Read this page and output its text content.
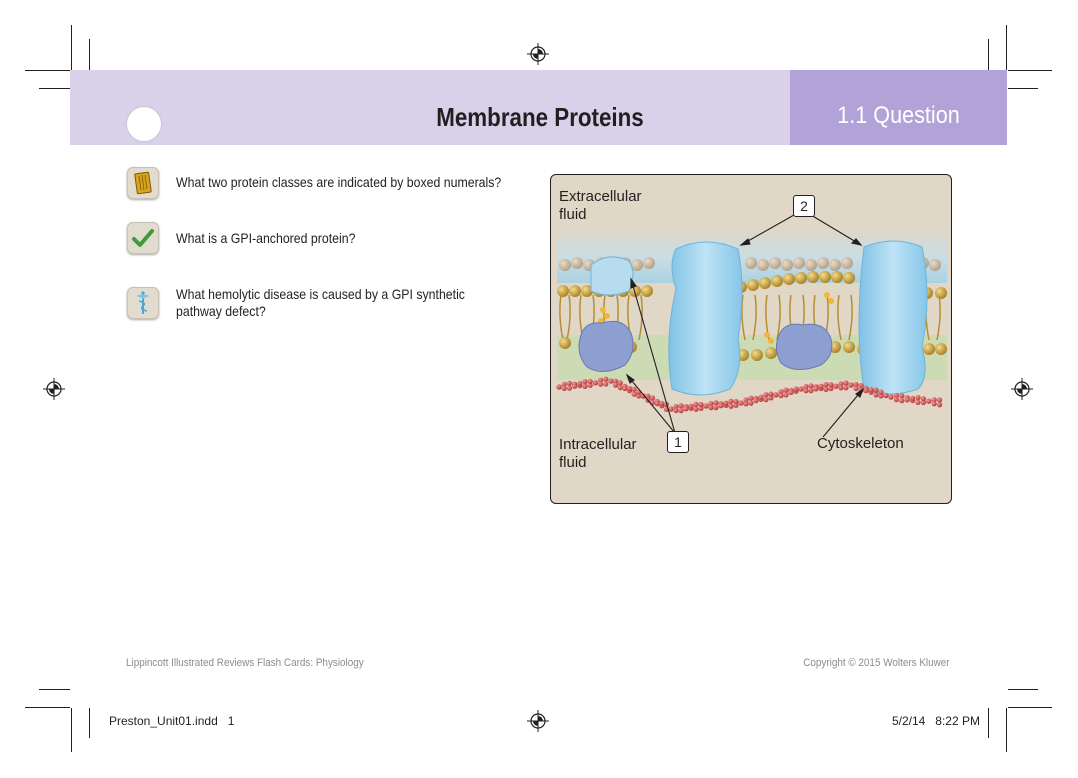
Membrane Proteins	1.1 Question
What two protein classes are indicated by boxed numerals?
What is a GPI-anchored protein?
What hemolytic disease is caused by a GPI synthetic
pathway defect?
Extracellular
fluid
Intracellular
fluid
Cytoskeleton
2
1
Lippincott Illustrated Reviews Flash Cards: Physiology	Copyright © 2015 Wolters Kluwer
Preston_Unit01.indd   1	5/2/14   8:22 PM
